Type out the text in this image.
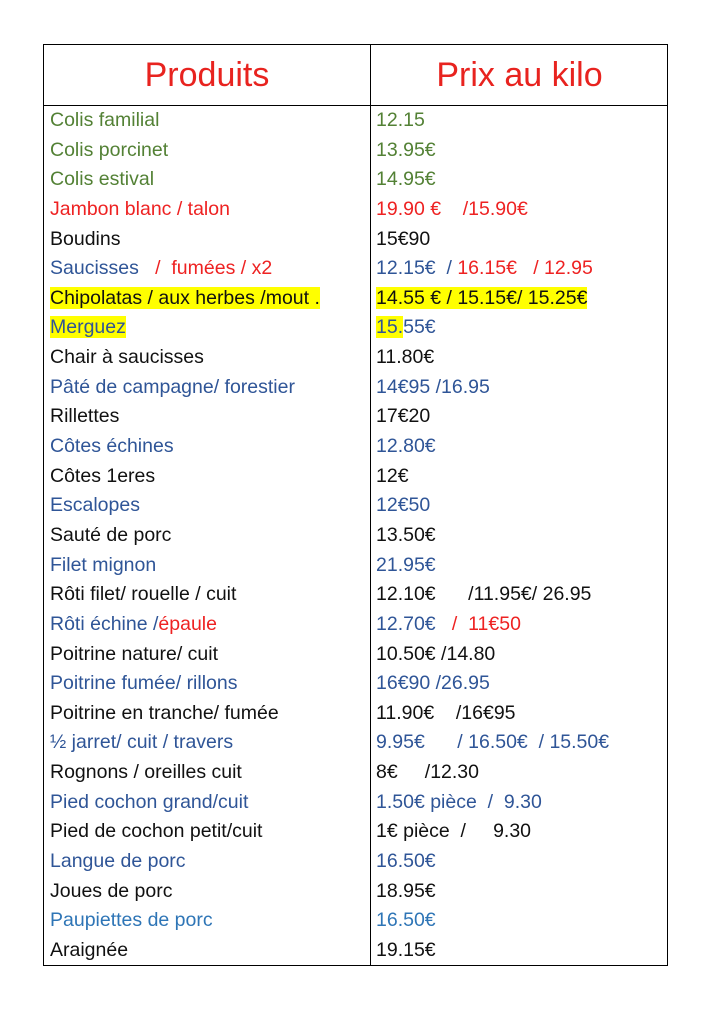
Produits	Prix au kilo
Colis familial	12.15
Colis porcinet	13.95€
Colis estival	14.95€
Jambon blanc / talon	19.90 €    /15.90€
Boudins	15€90
Saucisses   /  fumées / x2	12.15€  / 16.15€   / 12.95
Chipolatas / aux herbes /mout .	14.55 € / 15.15€/ 15.25€
Merguez	15.55€
Chair à saucisses	11.80€
Pâté de campagne/ forestier	14€95 /16.95
Rillettes	17€20
Côtes échines	12.80€
Côtes 1eres	12€
Escalopes	12€50
Sauté de porc	13.50€
Filet mignon	21.95€
Rôti filet/ rouelle / cuit	12.10€      /11.95€/ 26.95
Rôti échine /épaule	12.70€   /  11€50
Poitrine nature/ cuit	10.50€ /14.80
Poitrine fumée/ rillons	16€90 /26.95
Poitrine en tranche/ fumée	11.90€    /16€95
½ jarret/ cuit / travers	9.95€      / 16.50€  / 15.50€
Rognons / oreilles cuit	8€     /12.30
Pied cochon grand/cuit	1.50€ pièce  /  9.30
Pied de cochon petit/cuit	1€ pièce  /     9.30
Langue de porc	16.50€
Joues de porc	18.95€
Paupiettes de porc	16.50€
Araignée	19.15€
